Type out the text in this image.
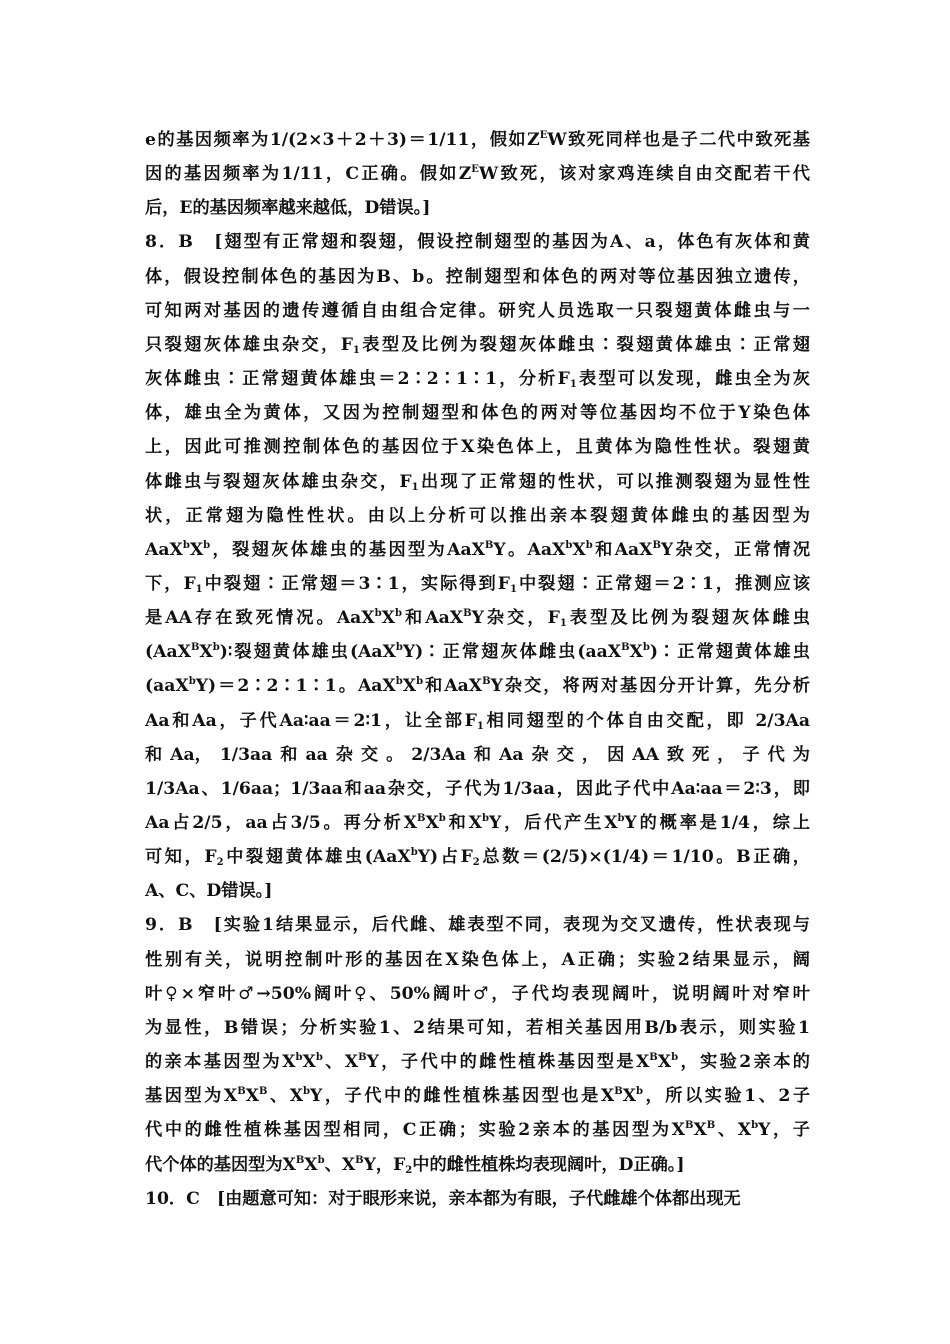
e的基因频率为1/(2×3＋2＋3)＝1/11，假如$Z^EW$致死同样也是子二代中致死基
因的基因频率为1/11，C正确。假如$Z^EW$致死，该对家鸡连续自由交配若干代
后，E的基因频率越来越低，D错误。]
8．B　[翅型有正常翅和裂翅，假设控制翅型的基因为A、a，体色有灰体和黄
体，假设控制体色的基因为B、b。控制翅型和体色的两对等位基因独立遗传，
可知两对基因的遗传遵循自由组合定律。研究人员选取一只裂翅黄体雌虫与一
只裂翅灰体雄虫杂交，$F_1$表型及比例为裂翅灰体雌虫∶裂翅黄体雄虫∶正常翅
灰体雌虫∶正常翅黄体雄虫＝2∶2∶1∶1，分析$F_1$表型可以发现，雌虫全为灰
体，雄虫全为黄体，又因为控制翅型和体色的两对等位基因均不位于Y染色体
上，因此可推测控制体色的基因位于X染色体上，且黄体为隐性性状。裂翅黄
体雌虫与裂翅灰体雄虫杂交，$F_1$出现了正常翅的性状，可以推测裂翅为显性性
状，正常翅为隐性性状。由以上分析可以推出亲本裂翅黄体雌虫的基因型为
$AaX^bX^b$，裂翅灰体雄虫的基因型为AaX$^B$Y。$AaX^bX^b$和AaX$^B$Y杂交，正常情况
下，$F_1$中裂翅∶正常翅＝3∶1，实际得到$F_1$中裂翅∶正常翅＝2∶1，推测应该
是AA存在致死情况。$AaX^bX^b$和AaX$^B$Y杂交，$F_1$表型及比例为裂翅灰体雌虫
$(AaX^BX^b)∶$裂翅黄体雄虫(AaX$^b$Y)∶正常翅灰体雌虫$(aaX^BX^b)∶$正常翅黄体雄虫
(aaX$^b$Y)＝2∶2∶1∶1。$AaX^bX^b$和AaX$^B$Y杂交，将两对基因分开计算，先分析
Aa和Aa，子代Aa∶aa＝2∶1，让全部$F_1$相同翅型的个体自由交配，即 2/3Aa
和 Aa， 1/3aa 和 aa 杂 交 。 2/3Aa 和 Aa 杂 交 ， 因 AA 致 死 ， 子 代 为
1/3Aa、1/6aa；1/3aa和aa杂交，子代为1/3aa，因此子代中Aa∶aa＝2∶3，即
Aa占2/5，aa占3/5。再分析$X^BX^b$和$X^bY$，后代产生$X^bY$的概率是1/4，综上
可知，$F_2$中裂翅黄体雄虫(AaX$^b$Y)占$F_2$总数＝(2/5)×(1/4)＝1/10。B正确，
A、C、D错误。]
9．B　[实验1结果显示，后代雌、雄表型不同，表现为交叉遗传，性状表现与
性别有关，说明控制叶形的基因在X染色体上，A正确；实验2结果显示，阔
叶♀×窄叶♂→50%阔叶♀、50%阔叶♂，子代均表现阔叶，说明阔叶对窄叶
为显性，B错误；分析实验1、2结果可知，若相关基因用B/b表示，则实验1
的亲本基因型为$X^bX^b$、$X^BY$，子代中的雌性植株基因型是$X^BX^b$，实验2亲本的
基因型为$X^BX^B$、$X^bY$，子代中的雌性植株基因型也是$X^BX^b$，所以实验1、2子
代中的雌性植株基因型相同，C正确；实验2亲本的基因型为$X^BX^B$、$X^bY$，子
代个体的基因型为$X^BX^b$、$X^BY$，$F_2$中的雌性植株均表现阔叶，D正确。]
10．C　[由题意可知：对于眼形来说，亲本都为有眼，子代雌雄个体都出现无
